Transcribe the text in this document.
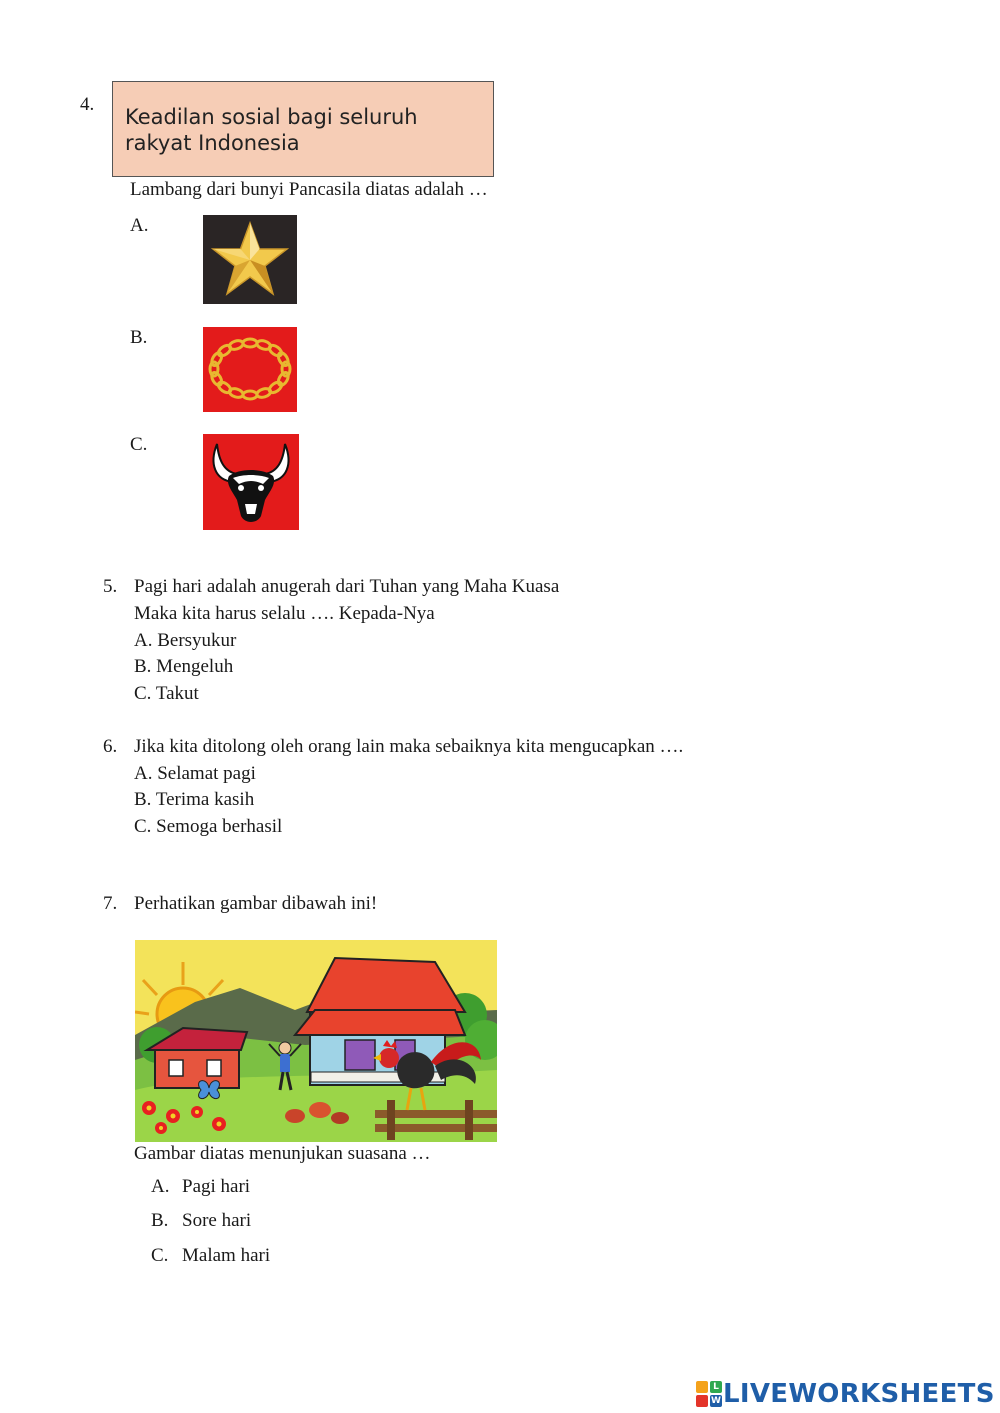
4.
Keadilan sosial bagi seluruh
rakyat Indonesia
Lambang dari bunyi Pancasila diatas adalah …
A.
B.
C.
5. Pagi hari adalah anugerah dari Tuhan yang Maha Kuasa
Maka kita harus selalu …. Kepada-Nya
A. Bersyukur
B. Mengeluh
C. Takut
6. Jika kita ditolong oleh orang lain maka sebaiknya kita mengucapkan ….
A. Selamat pagi
B. Terima kasih
C. Semoga berhasil
7. Perhatikan gambar dibawah ini!
Gambar diatas menunjukan suasana …
A. Pagi hari
B. Sore hari
C. Malam hari
L
W LIVEWORKSHEETS
